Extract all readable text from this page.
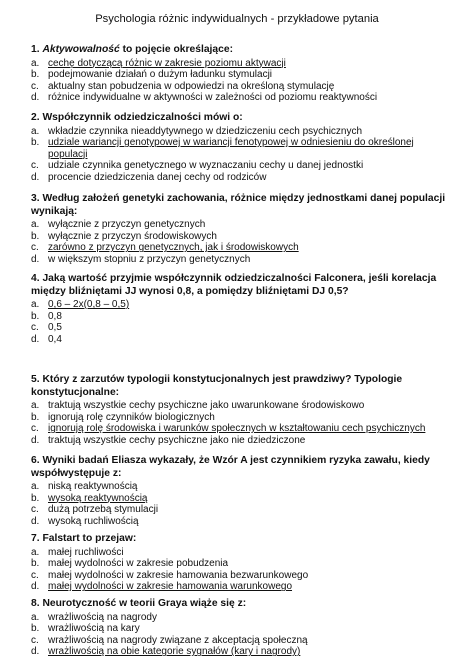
Psychologia różnic indywidualnych - przykładowe pytania
1. Aktywowalność to pojęcie określające:
a. cechę dotyczącą różnic w zakresie poziomu aktywacji
b. podejmowanie działań o dużym ładunku stymulacji
c. aktualny stan pobudzenia w odpowiedzi na określoną stymulację
d. różnice indywidualne w aktywności w zależności od poziomu reaktywności
2. Współczynnik odziedziczalności mówi o:
a. wkładzie czynnika nieaddytywnego w dziedziczeniu cech psychicznych
b. udziale wariancji genotypowej w wariancji fenotypowej w odniesieniu do określonej populacji
c. udziale czynnika genetycznego w wyznaczaniu cechy u danej jednostki
d. procencie dziedziczenia danej cechy od rodziców
3. Według założeń genetyki zachowania, różnice między jednostkami danej populacji wynikają:
a. wyłącznie z przyczyn genetycznych
b. wyłącznie z przyczyn środowiskowych
c. zarówno z przyczyn genetycznych, jak i środowiskowych
d. w większym stopniu z przyczyn genetycznych
4. Jaką wartość przyjmie współczynnik odziedziczalności Falconera, jeśli korelacja między bliźniętami JJ wynosi 0,8, a pomiędzy bliźniętami DJ 0,5?
a. 0,6 – 2x(0,8 – 0,5)
b. 0,8
c. 0,5
d. 0,4
5. Który z zarzutów typologii konstytucjonalnych jest prawdziwy? Typologie konstytucjonalne:
a. traktują wszystkie cechy psychiczne jako uwarunkowane środowiskowo
b. ignorują rolę czynników biologicznych
c. ignorują rolę środowiska i warunków społecznych w kształtowaniu cech psychicznych
d. traktują wszystkie cechy psychiczne jako nie dziedziczone
6. Wyniki badań Eliasza wykazały, że Wzór A jest czynnikiem ryzyka zawału, kiedy współwystępuje z:
a. niską reaktywnością
b. wysoką reaktywnością
c. dużą potrzebą stymulacji
d. wysoką ruchliwością
7. Falstart to przejaw:
a. małej ruchliwości
b. małej wydolności w zakresie pobudzenia
c. małej wydolności w zakresie hamowania bezwarunkowego
d. małej wydolności w zakresie hamowania warunkowego
8. Neurotyczność w teorii Graya wiąże się z:
a. wrażliwością na nagrody
b. wrażliwością na kary
c. wrażliwością na nagrody związane z akceptacją społeczną
d. wrażliwością na obie kategorie sygnałów (kary i nagrody)
